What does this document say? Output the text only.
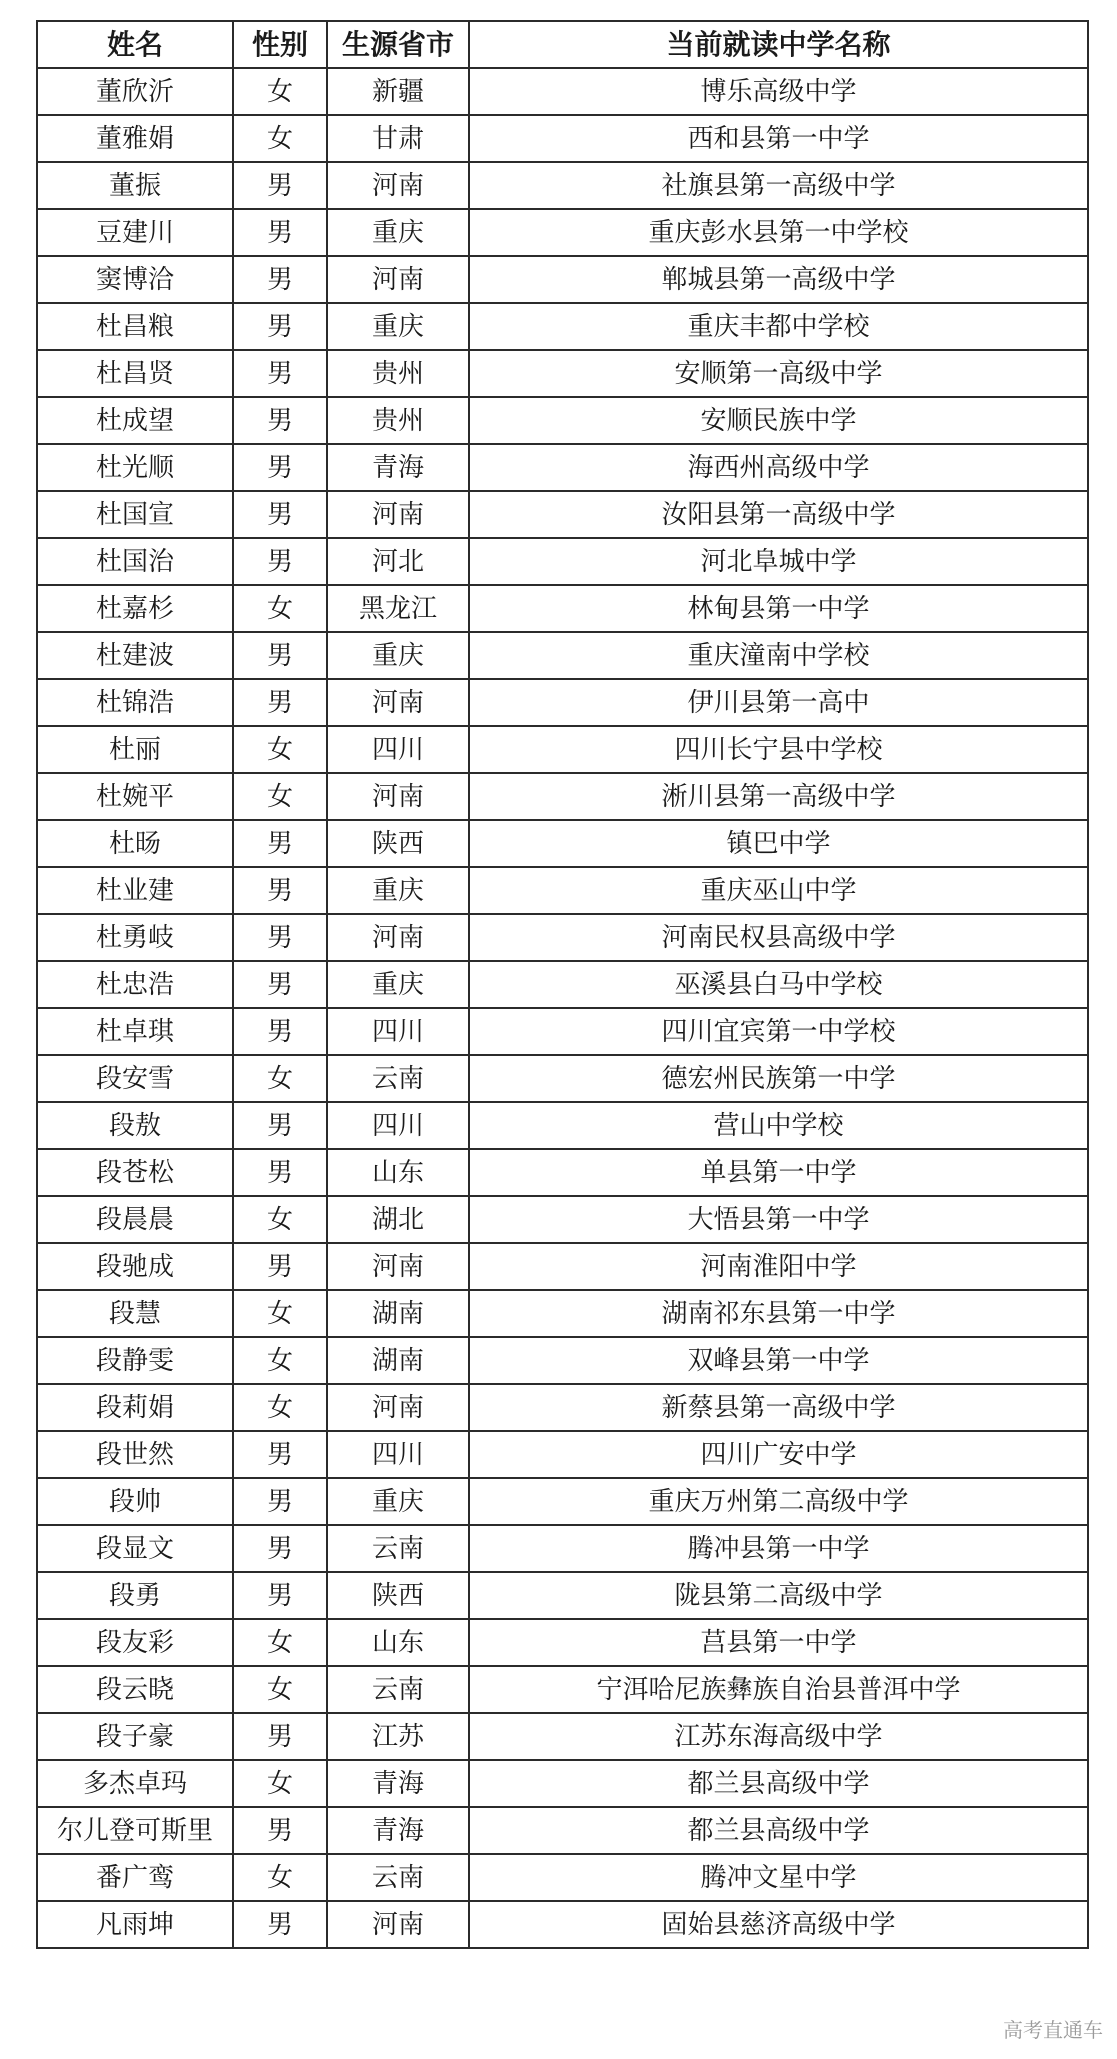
姓名	性别	生源省市	当前就读中学名称
董欣沂	女	新疆	博乐高级中学
董雅娟	女	甘肃	西和县第一中学
董振	男	河南	社旗县第一高级中学
豆建川	男	重庆	重庆彭水县第一中学校
窦博洽	男	河南	郸城县第一高级中学
杜昌粮	男	重庆	重庆丰都中学校
杜昌贤	男	贵州	安顺第一高级中学
杜成望	男	贵州	安顺民族中学
杜光顺	男	青海	海西州高级中学
杜国宣	男	河南	汝阳县第一高级中学
杜国治	男	河北	河北阜城中学
杜嘉杉	女	黑龙江	林甸县第一中学
杜建波	男	重庆	重庆潼南中学校
杜锦浩	男	河南	伊川县第一高中
杜丽	女	四川	四川长宁县中学校
杜婉平	女	河南	淅川县第一高级中学
杜旸	男	陕西	镇巴中学
杜业建	男	重庆	重庆巫山中学
杜勇岐	男	河南	河南民权县高级中学
杜忠浩	男	重庆	巫溪县白马中学校
杜卓琪	男	四川	四川宜宾第一中学校
段安雪	女	云南	德宏州民族第一中学
段敖	男	四川	营山中学校
段苍松	男	山东	单县第一中学
段晨晨	女	湖北	大悟县第一中学
段驰成	男	河南	河南淮阳中学
段慧	女	湖南	湖南祁东县第一中学
段静雯	女	湖南	双峰县第一中学
段莉娟	女	河南	新蔡县第一高级中学
段世然	男	四川	四川广安中学
段帅	男	重庆	重庆万州第二高级中学
段显文	男	云南	腾冲县第一中学
段勇	男	陕西	陇县第二高级中学
段友彩	女	山东	莒县第一中学
段云晓	女	云南	宁洱哈尼族彝族自治县普洱中学
段子豪	男	江苏	江苏东海高级中学
多杰卓玛	女	青海	都兰县高级中学
尔儿登可斯里	男	青海	都兰县高级中学
番广鸾	女	云南	腾冲文星中学
凡雨坤	男	河南	固始县慈济高级中学
高考直通车
